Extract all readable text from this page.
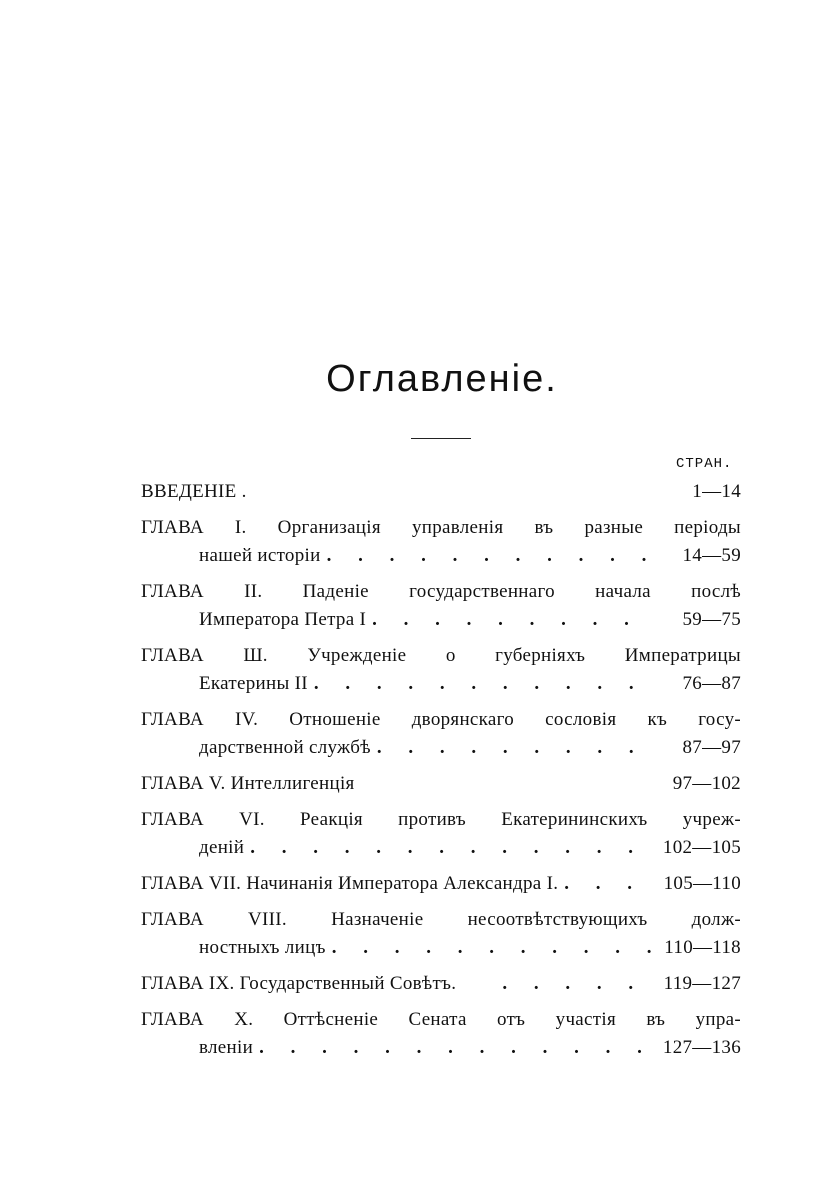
Оглавленіе.
СТРАН.
ВВЕДЕНІЕ .	1—14
ГЛАВА I. Организація управленія въ разные періоды
нашей исторіи . . .	14—59
ГЛАВА II. Паденіе государственнаго начала послѣ
Императора Петра I . . .	59—75
ГЛАВА Ш. Учрежденіе о губерніяхъ Императрицы
Екатерины II . . .	76—87
ГЛАВА IV. Отношеніе дворянскаго сословія къ госу-
дарственной службѣ . . .	87—97
ГЛАВА V. Интеллигенція	97—102
ГЛАВА VI. Реакція противъ Екатерининскихъ учреж-
деній . . .	102—105
ГЛАВА VII. Начинанія Императора Александра I. . . .	105—110
ГЛАВА VIII. Назначеніе несоотвѣтствующихъ долж-
ностныхъ лицъ . . .	110—118
ГЛАВА IX. Государственный Совѣтъ. . . .	119—127
ГЛАВА X. Оттѣсненіе Сената отъ участія въ упра-
вленіи . . .	127—136
